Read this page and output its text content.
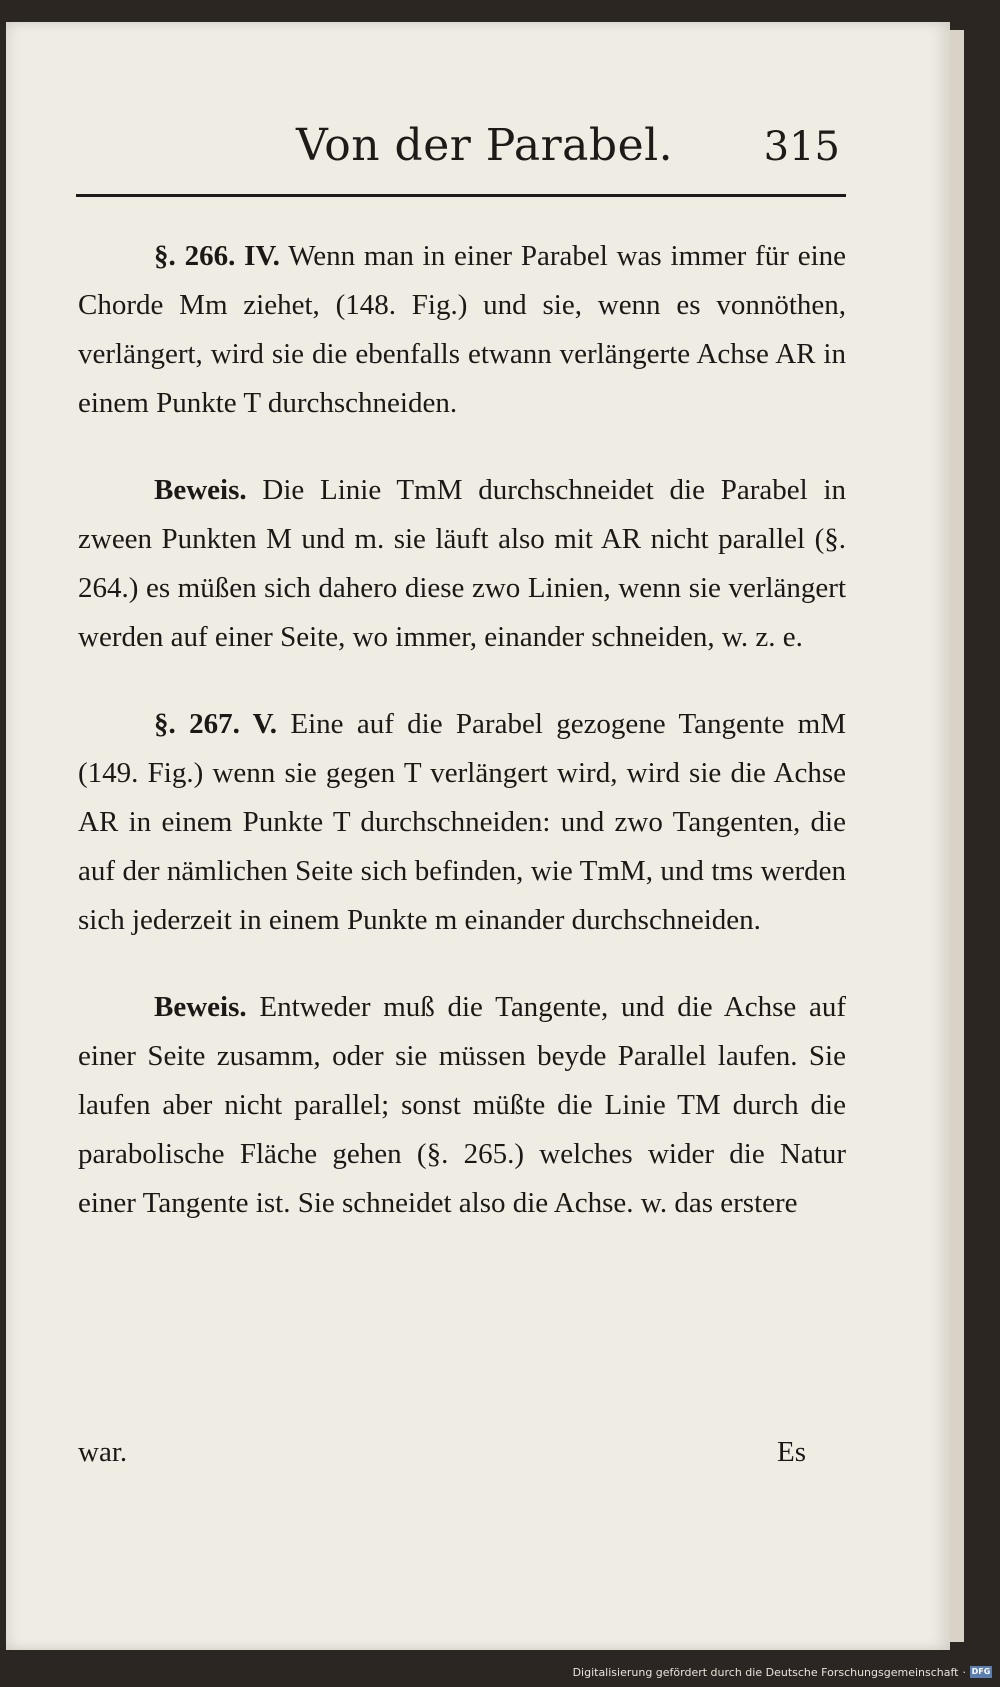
Von der Parabel. 315

§. 266. IV. Wenn man in einer Parabel was immer für eine Chorde Mm ziehet, (148. Fig.) und sie, wenn es vonnöthen, verlängert, wird sie die ebenfalls etwann verlängerte Achse AR in einem Punkte T durchschneiden.

Beweis. Die Linie TmM durchschneidet die Parabel in zween Punkten M und m. sie läuft also mit AR nicht parallel (§. 264.) es müßen sich dahero diese zwo Linien, wenn sie verlängert werden auf einer Seite, wo immer, einander schneiden, w. z. e.

§. 267. V. Eine auf die Parabel gezogene Tangente mM (149. Fig.) wenn sie gegen T verlängert wird, wird sie die Achse AR in einem Punkte T durchschneiden: und zwo Tangenten, die auf der nämlichen Seite sich befinden, wie TmM, und tms werden sich jederzeit in einem Punkte m einander durchschneiden.

Beweis. Entweder muß die Tangente, und die Achse auf einer Seite zusamm, oder sie müssen beyde Parallel laufen. Sie laufen aber nicht parallel; sonst müßte die Linie TM durch die parabolische Fläche gehen (§. 265.) welches wider die Natur einer Tangente ist. Sie schneidet also die Achse. w. das erstere

war.	Es
Digitalisierung gefördert durch die Deutsche Forschungsgemeinschaft · DFG
